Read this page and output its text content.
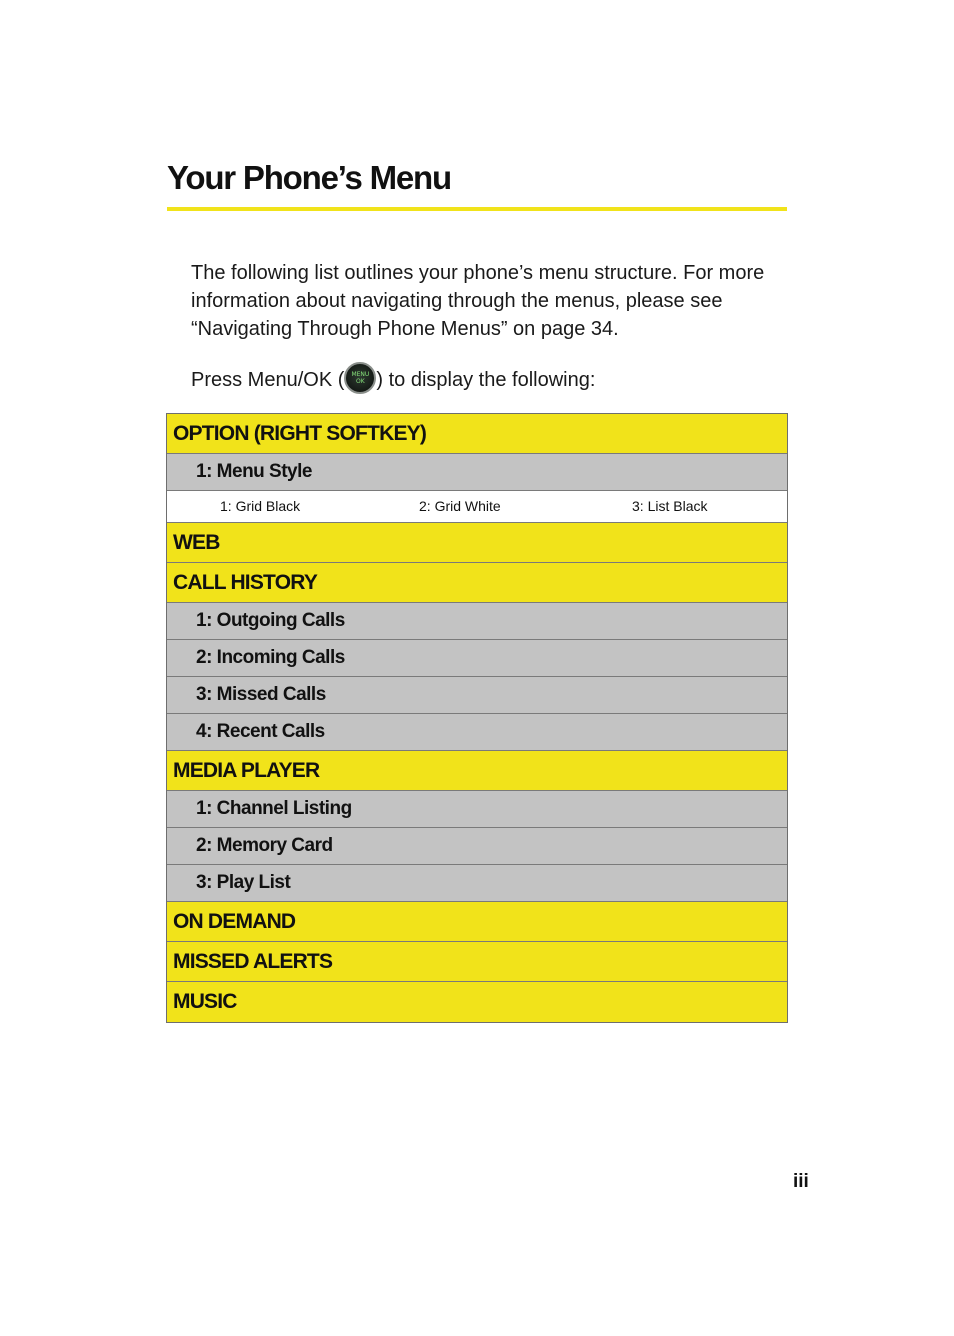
Your Phone’s Menu

The following list outlines your phone’s menu structure. For more information about navigating through the menus, please see “Navigating Through Phone Menus” on page 34.

Press Menu/OK (	MENU
OK ) to display the following:

OPTION (RIGHT SOFTKEY)
1: Menu Style
1: Grid Black	2: Grid White	3: List Black
WEB
CALL HISTORY
1: Outgoing Calls
2: Incoming Calls
3: Missed Calls
4: Recent Calls
MEDIA PLAYER
1: Channel Listing
2: Memory Card
3: Play List
ON DEMAND
MISSED ALERTS
MUSIC

iii
